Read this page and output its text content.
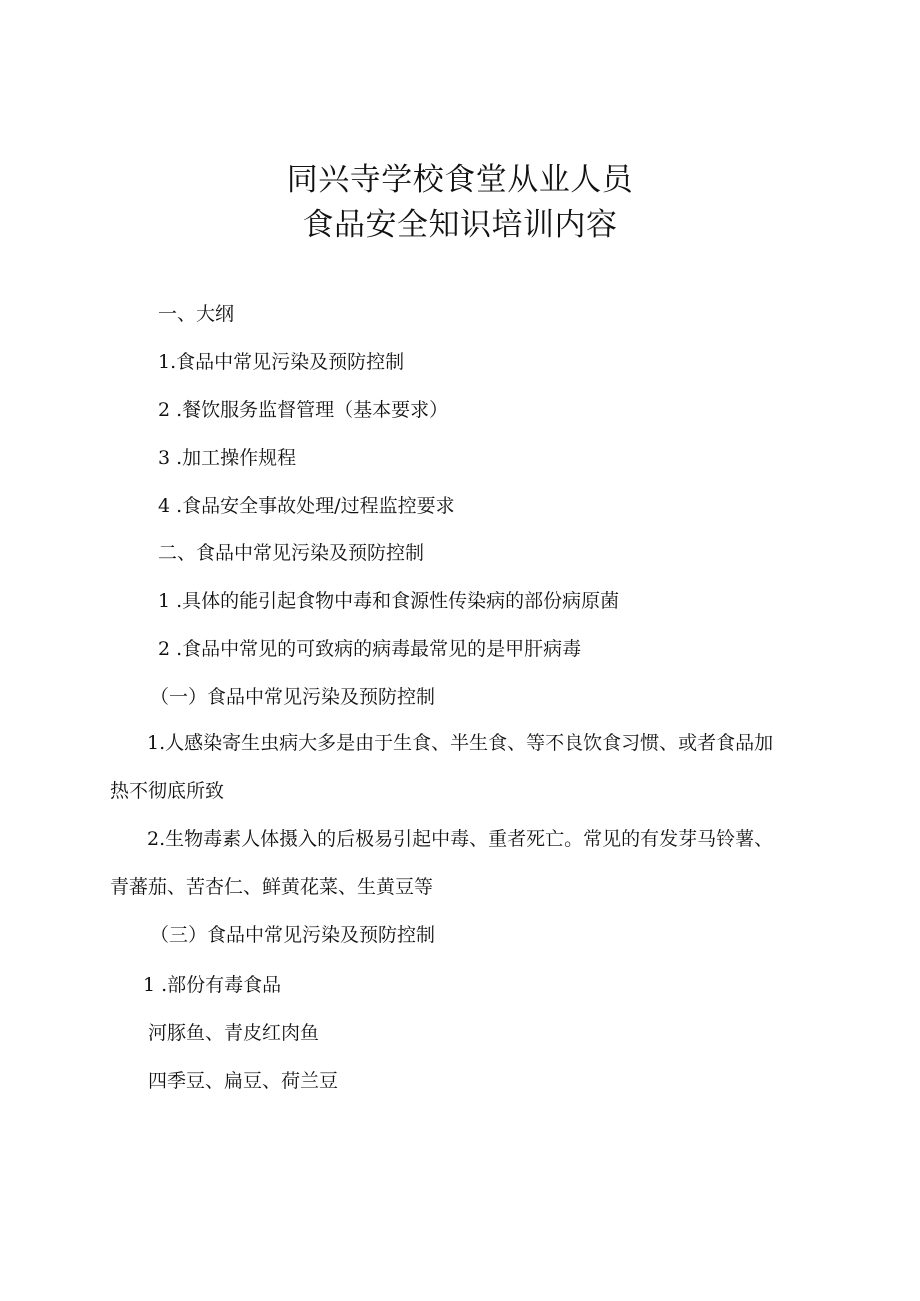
同兴寺学校食堂从业人员
食品安全知识培训内容
一、大纲
1.食品中常见污染及预防控制
2 .餐饮服务监督管理（基本要求）
3 .加工操作规程
4 .食品安全事故处理/过程监控要求
二、食品中常见污染及预防控制
1 .具体的能引起食物中毒和食源性传染病的部份病原菌
2 .食品中常见的可致病的病毒最常见的是甲肝病毒
（一）食品中常见污染及预防控制
1.人感染寄生虫病大多是由于生食、半生食、等不良饮食习惯、或者食品加热不彻底所致
2.生物毒素人体摄入的后极易引起中毒、重者死亡。常见的有发芽马铃薯、青蕃茄、苦杏仁、鲜黄花菜、生黄豆等
（三）食品中常见污染及预防控制
1 .部份有毒食品
河豚鱼、青皮红肉鱼
四季豆、扁豆、荷兰豆
